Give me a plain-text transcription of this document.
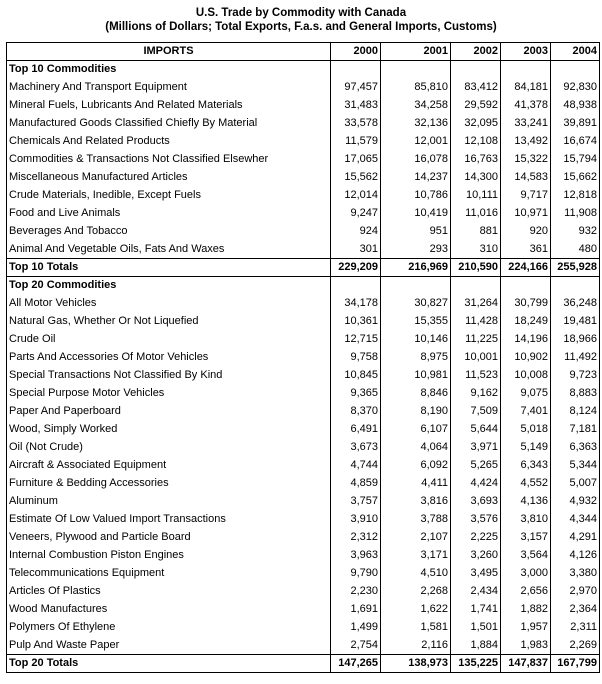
U.S. Trade by Commodity with Canada
(Millions of Dollars; Total Exports, F.a.s. and General Imports, Customs)
IMPORTS	2000	2001	2002	2003	2004
Top 10 Commodities					
Machinery And Transport Equipment	97,457	85,810	83,412	84,181	92,830
Mineral Fuels, Lubricants And Related Materials	31,483	34,258	29,592	41,378	48,938
Manufactured Goods Classified Chiefly By Material	33,578	32,136	32,095	33,241	39,891
Chemicals And Related Products	11,579	12,001	12,108	13,492	16,674
Commodities & Transactions Not Classified Elsewher	17,065	16,078	16,763	15,322	15,794
Miscellaneous Manufactured Articles	15,562	14,237	14,300	14,583	15,662
Crude Materials, Inedible, Except Fuels	12,014	10,786	10,111	9,717	12,818
Food and Live Animals	9,247	10,419	11,016	10,971	11,908
Beverages And Tobacco	924	951	881	920	932
Animal And Vegetable Oils, Fats And Waxes	301	293	310	361	480
Top 10 Totals	229,209	216,969	210,590	224,166	255,928
Top 20 Commodities					
All Motor Vehicles	34,178	30,827	31,264	30,799	36,248
Natural Gas, Whether Or Not Liquefied	10,361	15,355	11,428	18,249	19,481
Crude Oil	12,715	10,146	11,225	14,196	18,966
Parts And Accessories Of Motor Vehicles	9,758	8,975	10,001	10,902	11,492
Special Transactions Not Classified By Kind	10,845	10,981	11,523	10,008	9,723
Special Purpose Motor Vehicles	9,365	8,846	9,162	9,075	8,883
Paper And Paperboard	8,370	8,190	7,509	7,401	8,124
Wood, Simply Worked	6,491	6,107	5,644	5,018	7,181
Oil (Not Crude)	3,673	4,064	3,971	5,149	6,363
Aircraft & Associated Equipment	4,744	6,092	5,265	6,343	5,344
Furniture & Bedding Accessories	4,859	4,411	4,424	4,552	5,007
Aluminum	3,757	3,816	3,693	4,136	4,932
Estimate Of Low Valued Import Transactions	3,910	3,788	3,576	3,810	4,344
Veneers, Plywood and Particle Board	2,312	2,107	2,225	3,157	4,291
Internal Combustion Piston Engines	3,963	3,171	3,260	3,564	4,126
Telecommunications Equipment	9,790	4,510	3,495	3,000	3,380
Articles Of Plastics	2,230	2,268	2,434	2,656	2,970
Wood Manufactures	1,691	1,622	1,741	1,882	2,364
Polymers Of Ethylene	1,499	1,581	1,501	1,957	2,311
Pulp And Waste Paper	2,754	2,116	1,884	1,983	2,269
Top 20 Totals	147,265	138,973	135,225	147,837	167,799
